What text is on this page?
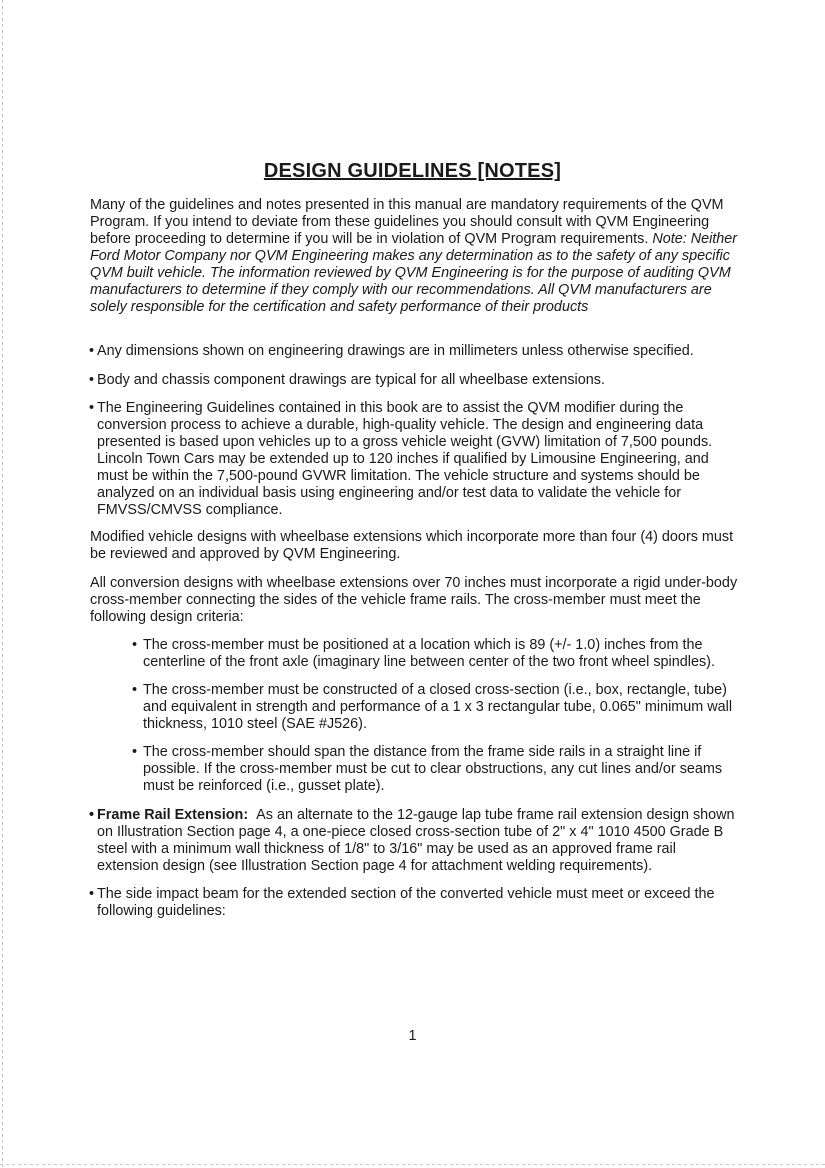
DESIGN GUIDELINES [NOTES]
Many of the guidelines and notes presented in this manual are mandatory requirements of the QVM Program. If you intend to deviate from these guidelines you should consult with QVM Engineering before proceeding to determine if you will be in violation of QVM Program requirements. Note: Neither Ford Motor Company nor QVM Engineering makes any determination as to the safety of any specific QVM built vehicle. The information reviewed by QVM Engineering is for the purpose of auditing QVM manufacturers to determine if they comply with our recommendations. All QVM manufacturers are solely responsible for the certification and safety performance of their products
• Any dimensions shown on engineering drawings are in millimeters unless otherwise specified.
• Body and chassis component drawings are typical for all wheelbase extensions.
• The Engineering Guidelines contained in this book are to assist the QVM modifier during the conversion process to achieve a durable, high-quality vehicle. The design and engineering data presented is based upon vehicles up to a gross vehicle weight (GVW) limitation of 7,500 pounds. Lincoln Town Cars may be extended up to 120 inches if qualified by Limousine Engineering, and must be within the 7,500-pound GVWR limitation. The vehicle structure and systems should be analyzed on an individual basis using engineering and/or test data to validate the vehicle for FMVSS/CMVSS compliance.
Modified vehicle designs with wheelbase extensions which incorporate more than four (4) doors must be reviewed and approved by QVM Engineering.
All conversion designs with wheelbase extensions over 70 inches must incorporate a rigid under-body cross-member connecting the sides of the vehicle frame rails. The cross-member must meet the following design criteria:
• The cross-member must be positioned at a location which is 89 (+/- 1.0) inches from the centerline of the front axle (imaginary line between center of the two front wheel spindles).
• The cross-member must be constructed of a closed cross-section (i.e., box, rectangle, tube) and equivalent in strength and performance of a 1 x 3 rectangular tube, 0.065" minimum wall thickness, 1010 steel (SAE #J526).
• The cross-member should span the distance from the frame side rails in a straight line if possible. If the cross-member must be cut to clear obstructions, any cut lines and/or seams must be reinforced (i.e., gusset plate).
• Frame Rail Extension: As an alternate to the 12-gauge lap tube frame rail extension design shown on Illustration Section page 4, a one-piece closed cross-section tube of 2" x 4" 1010 4500 Grade B steel with a minimum wall thickness of 1/8" to 3/16" may be used as an approved frame rail extension design (see Illustration Section page 4 for attachment welding requirements).
• The side impact beam for the extended section of the converted vehicle must meet or exceed the following guidelines:
1
